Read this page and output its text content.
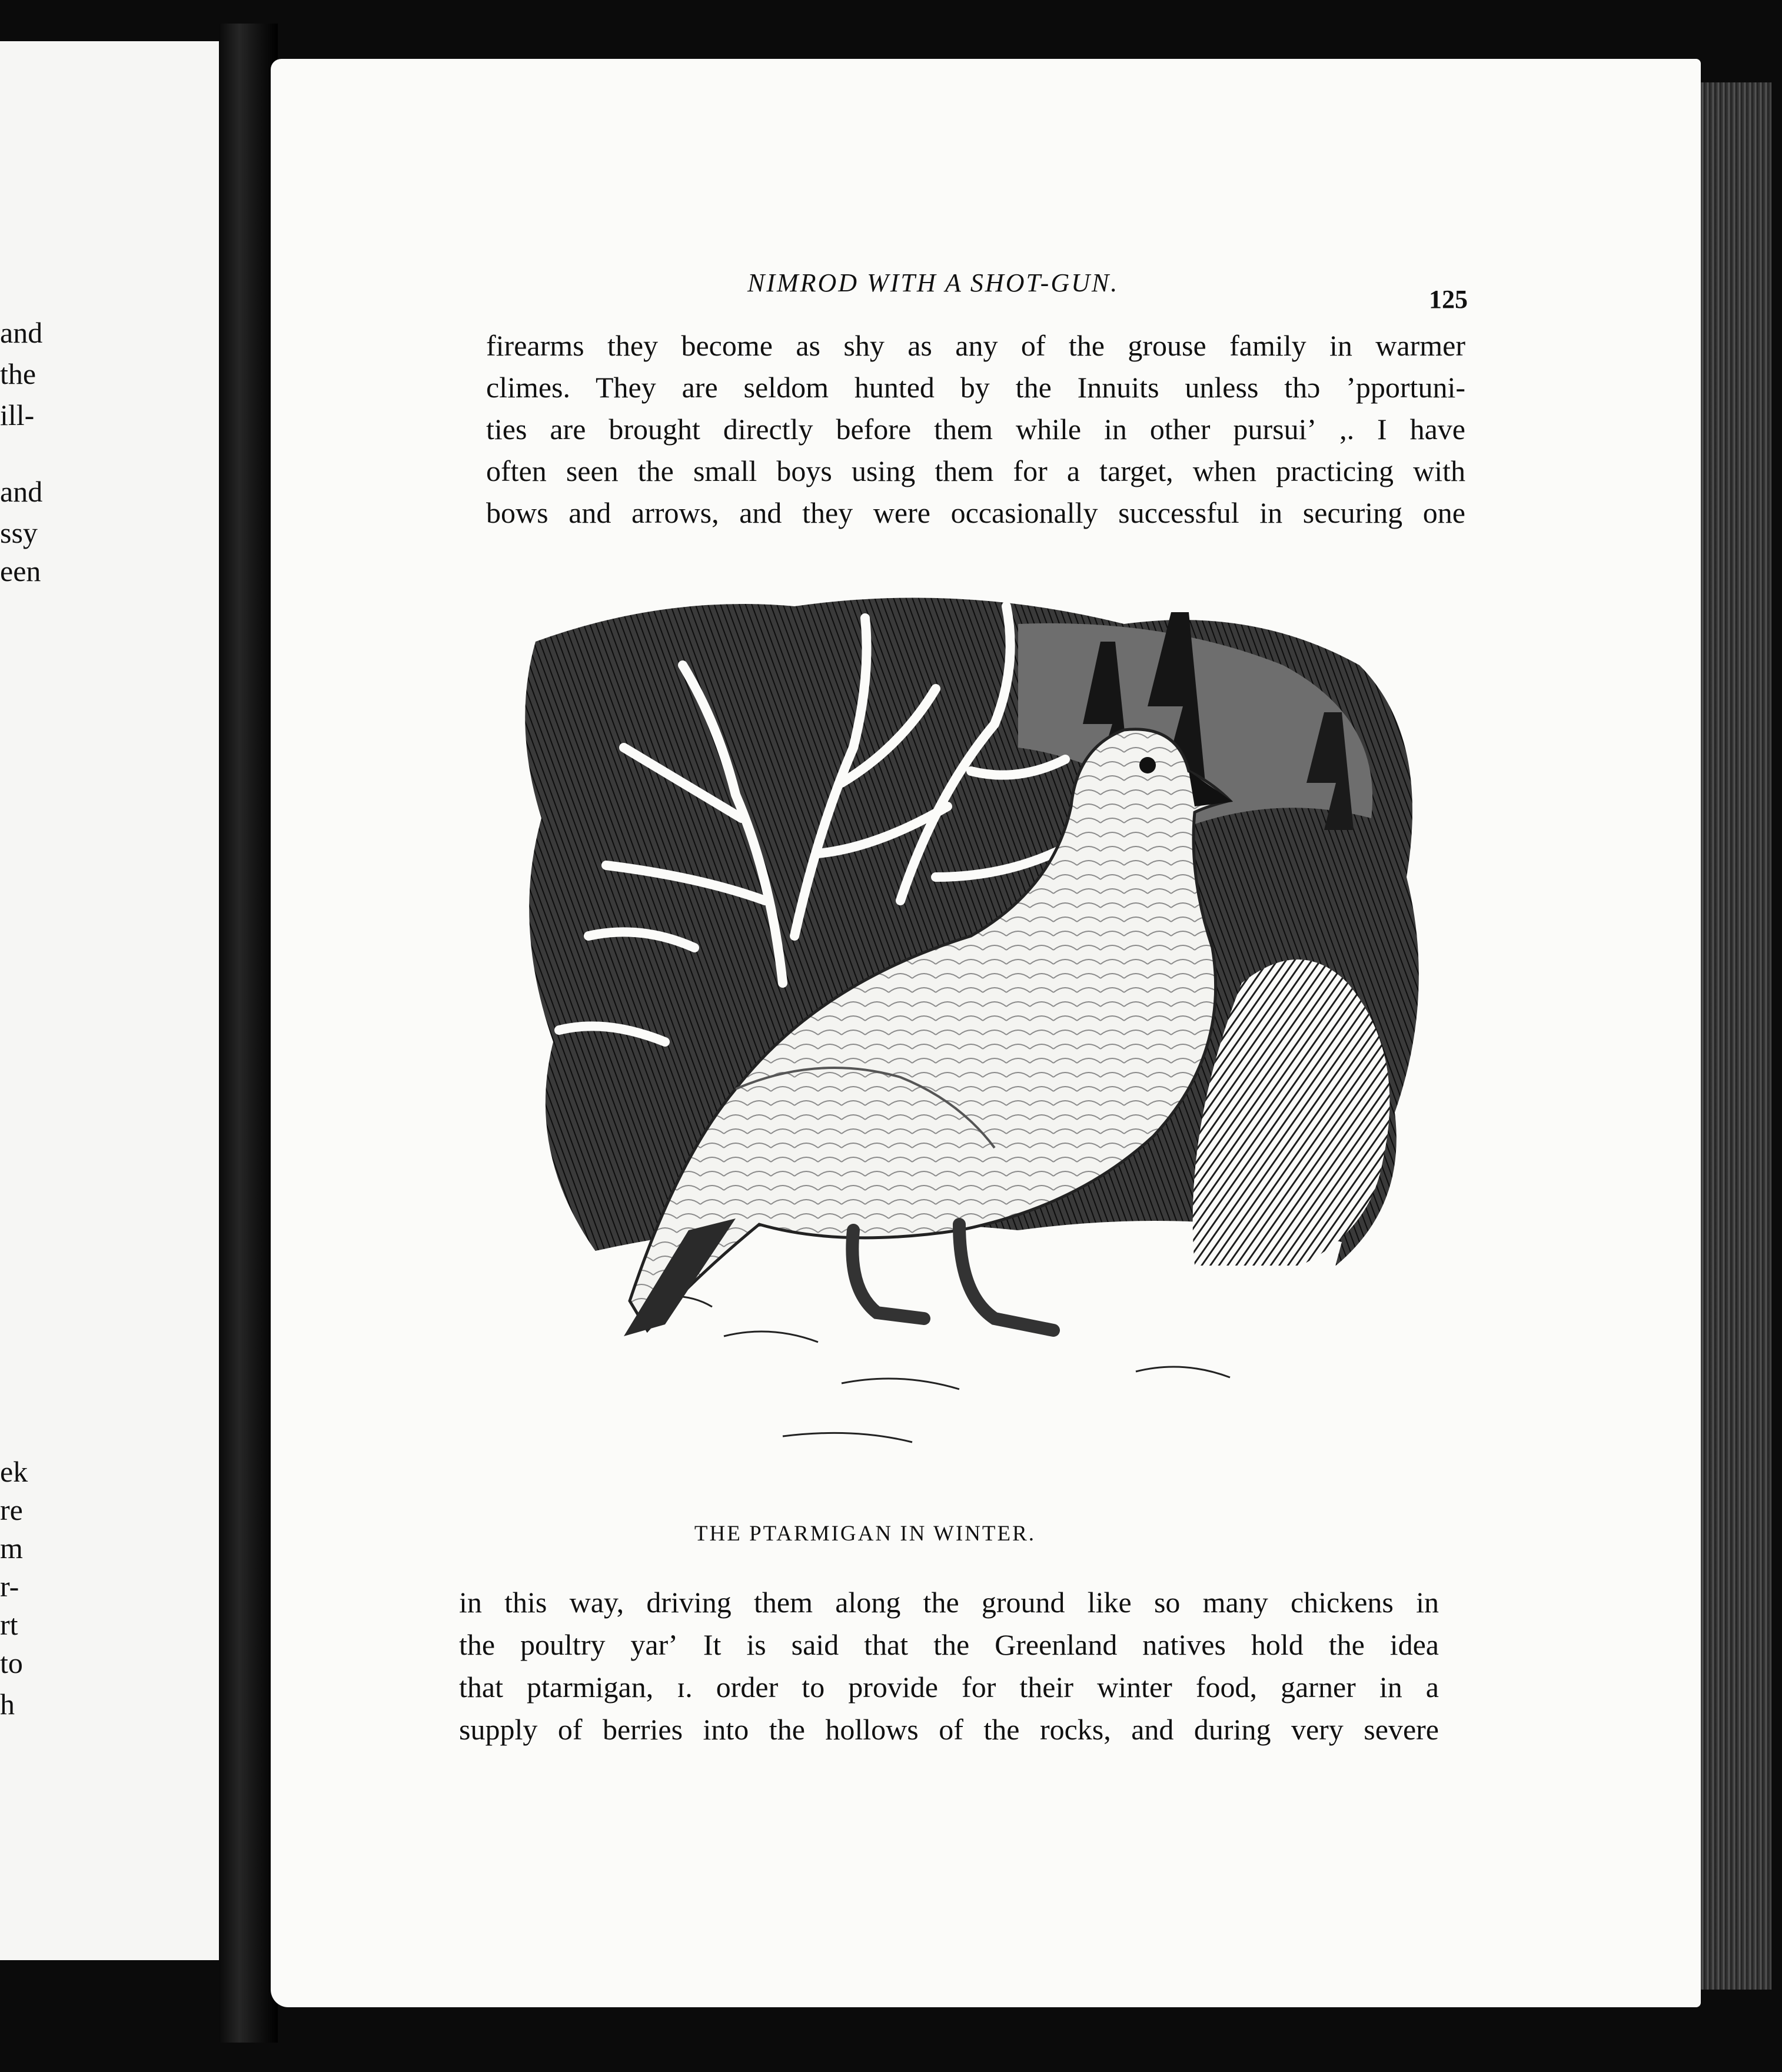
and
the
ill-
and
ssy
een
ek
re
m
r-
rt
to
h
NIMROD WITH A SHOT-GUN.
125
firearms they become as shy as any of the grouse family in warmer
climes. They are seldom hunted by the Innuits unless thɔ ʼpportuni-
ties are brought directly before them while in other pursuiʼ ,. I have
often seen the small boys using them for a target, when practicing with
bows and arrows, and they were occasionally successful in securing one
THE PTARMIGAN IN WINTER.
in this way, driving them along the ground like so many chickens in
the poultry yarʼ It is said that the Greenland natives hold the idea
that ptarmigan, ɪ. order to provide for their winter food, garner in a
supply of berries into the hollows of the rocks, and during very severe
